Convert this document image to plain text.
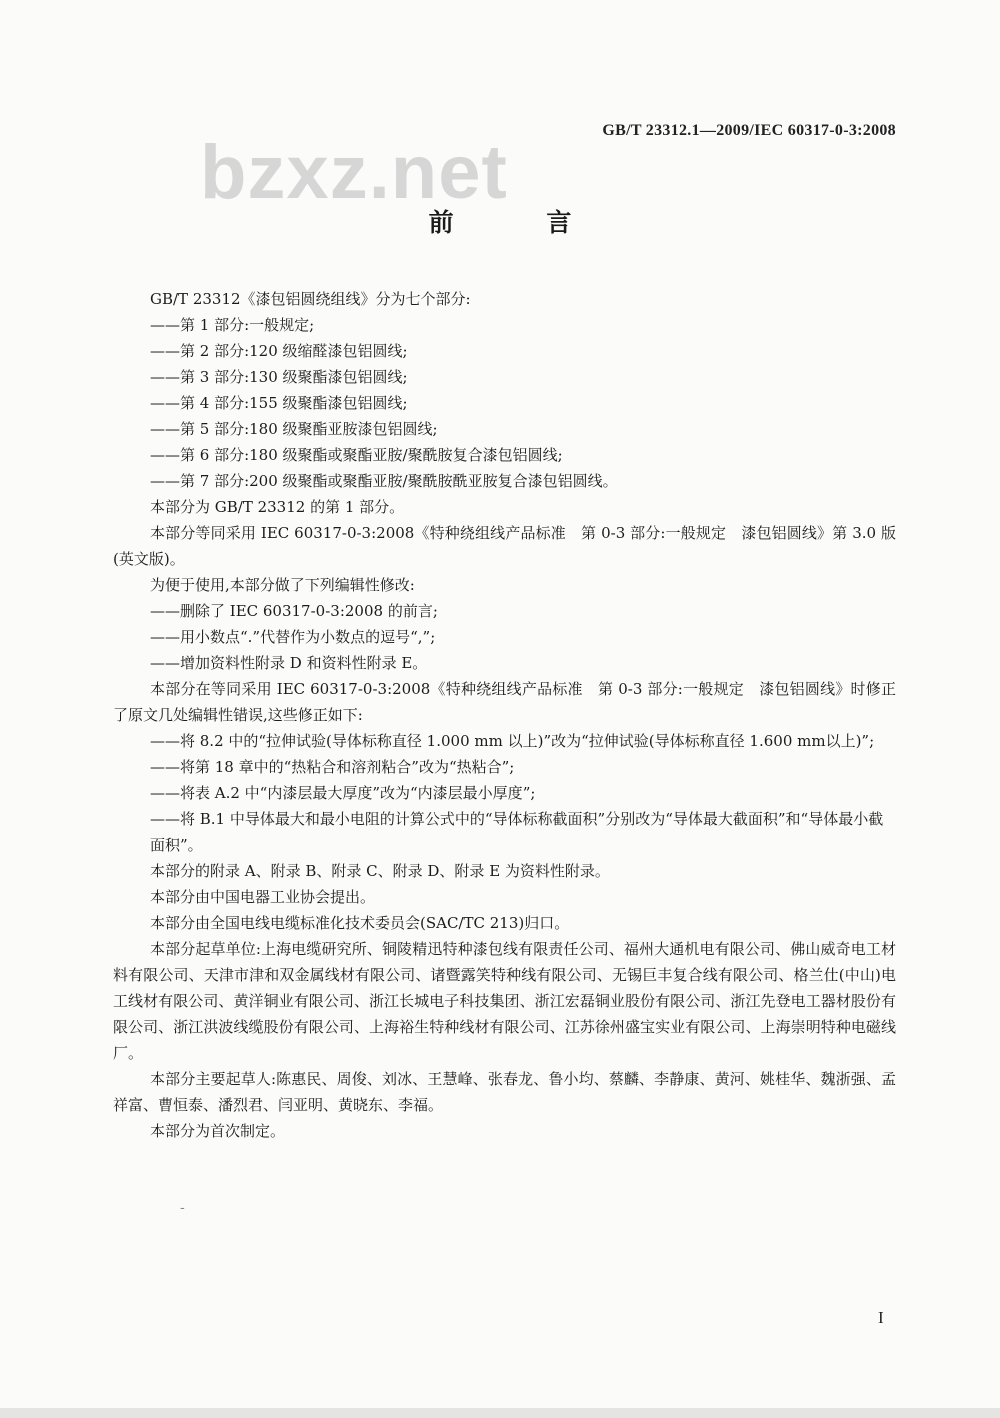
GB/T 23312.1—2009/IEC 60317-0-3:2008
bzxz.net
前 言

GB/T 23312《漆包铝圆绕组线》分为七个部分:

——第 1 部分:一般规定;

——第 2 部分:120 级缩醛漆包铝圆线;

——第 3 部分:130 级聚酯漆包铝圆线;

——第 4 部分:155 级聚酯漆包铝圆线;

——第 5 部分:180 级聚酯亚胺漆包铝圆线;

——第 6 部分:180 级聚酯或聚酯亚胺/聚酰胺复合漆包铝圆线;

——第 7 部分:200 级聚酯或聚酯亚胺/聚酰胺酰亚胺复合漆包铝圆线。

本部分为 GB/T 23312 的第 1 部分。

本部分等同采用 IEC 60317-0-3:2008《特种绕组线产品标准　第 0-3 部分:一般规定　漆包铝圆线》第 3.0 版(英文版)。

为便于使用,本部分做了下列编辑性修改:

——删除了 IEC 60317-0-3:2008 的前言;

——用小数点“.”代替作为小数点的逗号“,”;

——增加资料性附录 D 和资料性附录 E。

本部分在等同采用 IEC 60317-0-3:2008《特种绕组线产品标准　第 0-3 部分:一般规定　漆包铝圆线》时修正了原文几处编辑性错误,这些修正如下:

——将 8.2 中的“拉伸试验(导体标称直径 1.000 mm 以上)”改为“拉伸试验(导体标称直径 1.600 mm以上)”;

——将第 18 章中的“热粘合和溶剂粘合”改为“热粘合”;

——将表 A.2 中“内漆层最大厚度”改为“内漆层最小厚度”;

——将 B.1 中导体最大和最小电阻的计算公式中的“导体标称截面积”分别改为“导体最大截面积”和“导体最小截面积”。

本部分的附录 A、附录 B、附录 C、附录 D、附录 E 为资料性附录。

本部分由中国电器工业协会提出。

本部分由全国电线电缆标准化技术委员会(SAC/TC 213)归口。

本部分起草单位:上海电缆研究所、铜陵精迅特种漆包线有限责任公司、福州大通机电有限公司、佛山威奇电工材料有限公司、天津市津和双金属线材有限公司、诸暨露笑特种线有限公司、无锡巨丰复合线有限公司、格兰仕(中山)电工线材有限公司、黄洋铜业有限公司、浙江长城电子科技集团、浙江宏磊铜业股份有限公司、浙江先登电工器材股份有限公司、浙江洪波线缆股份有限公司、上海裕生特种线材有限公司、江苏徐州盛宝实业有限公司、上海崇明特种电磁线厂。

本部分主要起草人:陈惠民、周俊、刘冰、王慧峰、张春龙、鲁小均、蔡麟、李静康、黄河、姚桂华、魏浙强、孟祥富、曹恒泰、潘烈君、闫亚明、黄晓东、李福。

本部分为首次制定。

-
I
